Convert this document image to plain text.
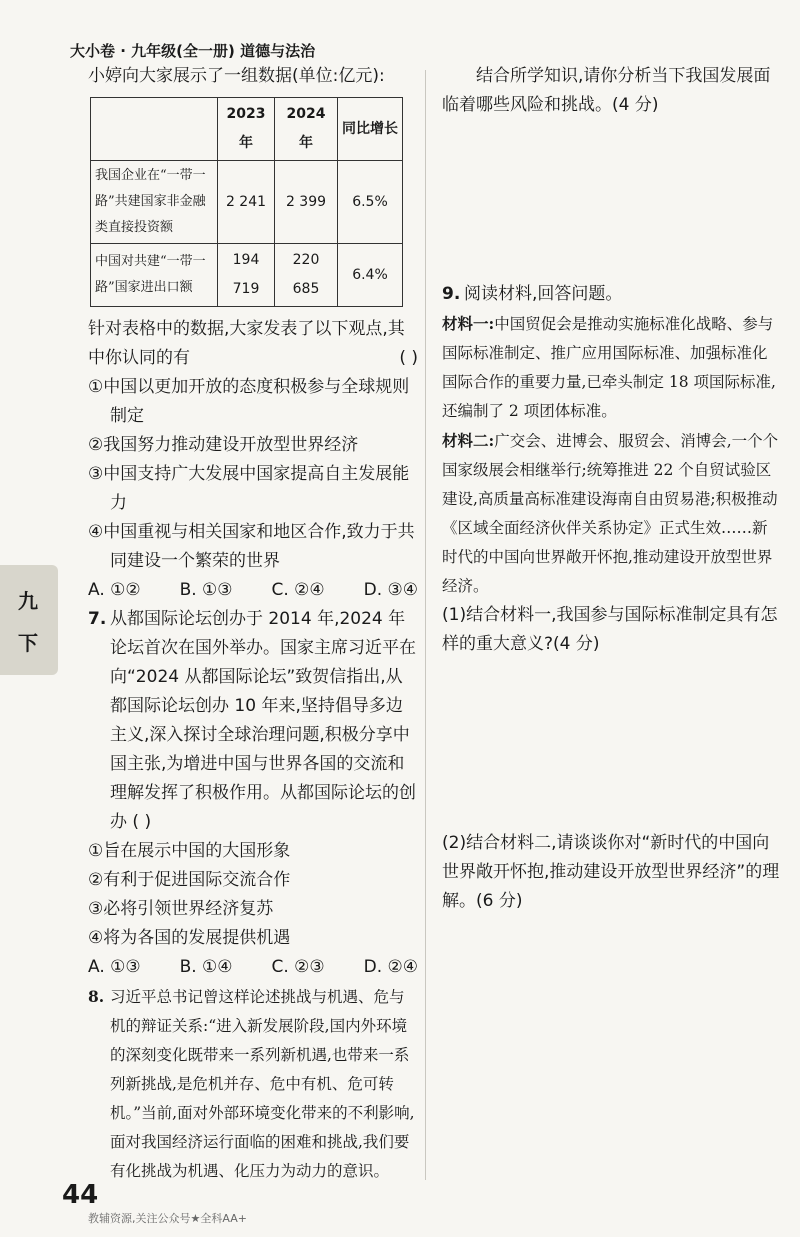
大小卷 · 九年级(全一册) 道德与法治
九
下

小婷向大家展示了一组数据(单位:亿元):

	2023 年	2024 年	同比增长
我国企业在“一带一路”共建国家非金融类直接投资额	2 241	2 399	6.5%
中国对共建“一带一路”国家进出口额	194 719	220 685	6.4%

针对表格中的数据,大家发表了以下观点,其中你认同的有	( )

①中国以更加开放的态度积极参与全球规则制定

②我国努力推动建设开放型世界经济

③中国支持广大发展中国家提高自主发展能力

④中国重视与相关国家和地区合作,致力于共同建设一个繁荣的世界

A. ①② B. ①③ C. ②④ D. ③④

7. 从都国际论坛创办于 2014 年,2024 年论坛首次在国外举办。国家主席习近平在向“2024 从都国际论坛”致贺信指出,从都国际论坛创办 10 年来,坚持倡导多边主义,深入探讨全球治理问题,积极分享中国主张,为增进中国与世界各国的交流和理解发挥了积极作用。从都国际论坛的创办 ( )

①旨在展示中国的大国形象

②有利于促进国际交流合作

③必将引领世界经济复苏

④将为各国的发展提供机遇

A. ①③ B. ①④ C. ②③ D. ②④

8. 习近平总书记曾这样论述挑战与机遇、危与机的辩证关系:“进入新发展阶段,国内外环境的深刻变化既带来一系列新机遇,也带来一系列新挑战,是危机并存、危中有机、危可转机。”当前,面对外部环境变化带来的不利影响,面对我国经济运行面临的困难和挑战,我们要有化挑战为机遇、化压力为动力的意识。

结合所学知识,请你分析当下我国发展面临着哪些风险和挑战。(4 分)

9. 阅读材料,回答问题。

材料一:中国贸促会是推动实施标准化战略、参与国际标准制定、推广应用国际标准、加强标准化国际合作的重要力量,已牵头制定 18 项国际标准,还编制了 2 项团体标准。

材料二:广交会、进博会、服贸会、消博会,一个个国家级展会相继举行;统筹推进 22 个自贸试验区建设,高质量高标准建设海南自由贸易港;积极推动《区域全面经济伙伴关系协定》正式生效……新时代的中国向世界敞开怀抱,推动建设开放型世界经济。

(1)结合材料一,我国参与国际标准制定具有怎样的重大意义?(4 分)

(2)结合材料二,请谈谈你对“新时代的中国向世界敞开怀抱,推动建设开放型世界经济”的理解。(6 分)

44
教辅资源,关注公众号★全科AA+
